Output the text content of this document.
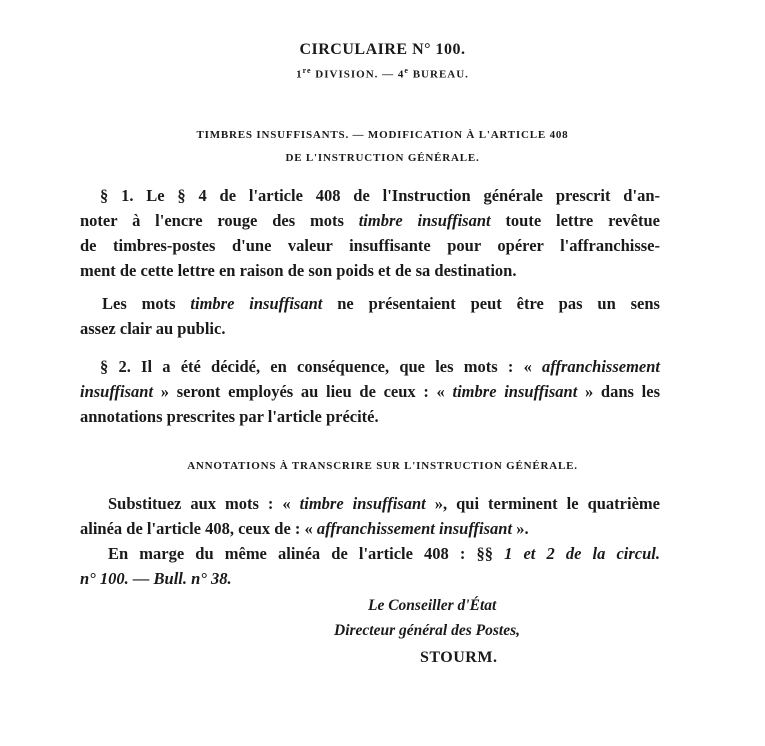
CIRCULAIRE N° 100.
1re DIVISION. — 4e BUREAU.
TIMBRES INSUFFISANTS. — MODIFICATION À L'ARTICLE 408
DE L'INSTRUCTION GÉNÉRALE.
§ 1. Le § 4 de l'article 408 de l'Instruction générale prescrit d'an-
noter à l'encre rouge des mots timbre insuffisant toute lettre revêtue
de timbres-postes d'une valeur insuffisante pour opérer l'affranchisse-
ment de cette lettre en raison de son poids et de sa destination.
Les mots timbre insuffisant ne présentaient peut être pas un sens
assez clair au public.
§ 2. Il a été décidé, en conséquence, que les mots : « affranchissement
insuffisant » seront employés au lieu de ceux : « timbre insuffisant » dans les
annotations prescrites par l'article précité.
ANNOTATIONS À TRANSCRIRE SUR L'INSTRUCTION GÉNÉRALE.
Substituez aux mots : « timbre insuffisant », qui terminent le quatrième
alinéa de l'article 408, ceux de : « affranchissement insuffisant ».
En marge du même alinéa de l'article 408 : §§ 1 et 2 de la circul.
n° 100. — Bull. n° 38.
Le Conseiller d'État
Directeur général des Postes,
STOURM.
